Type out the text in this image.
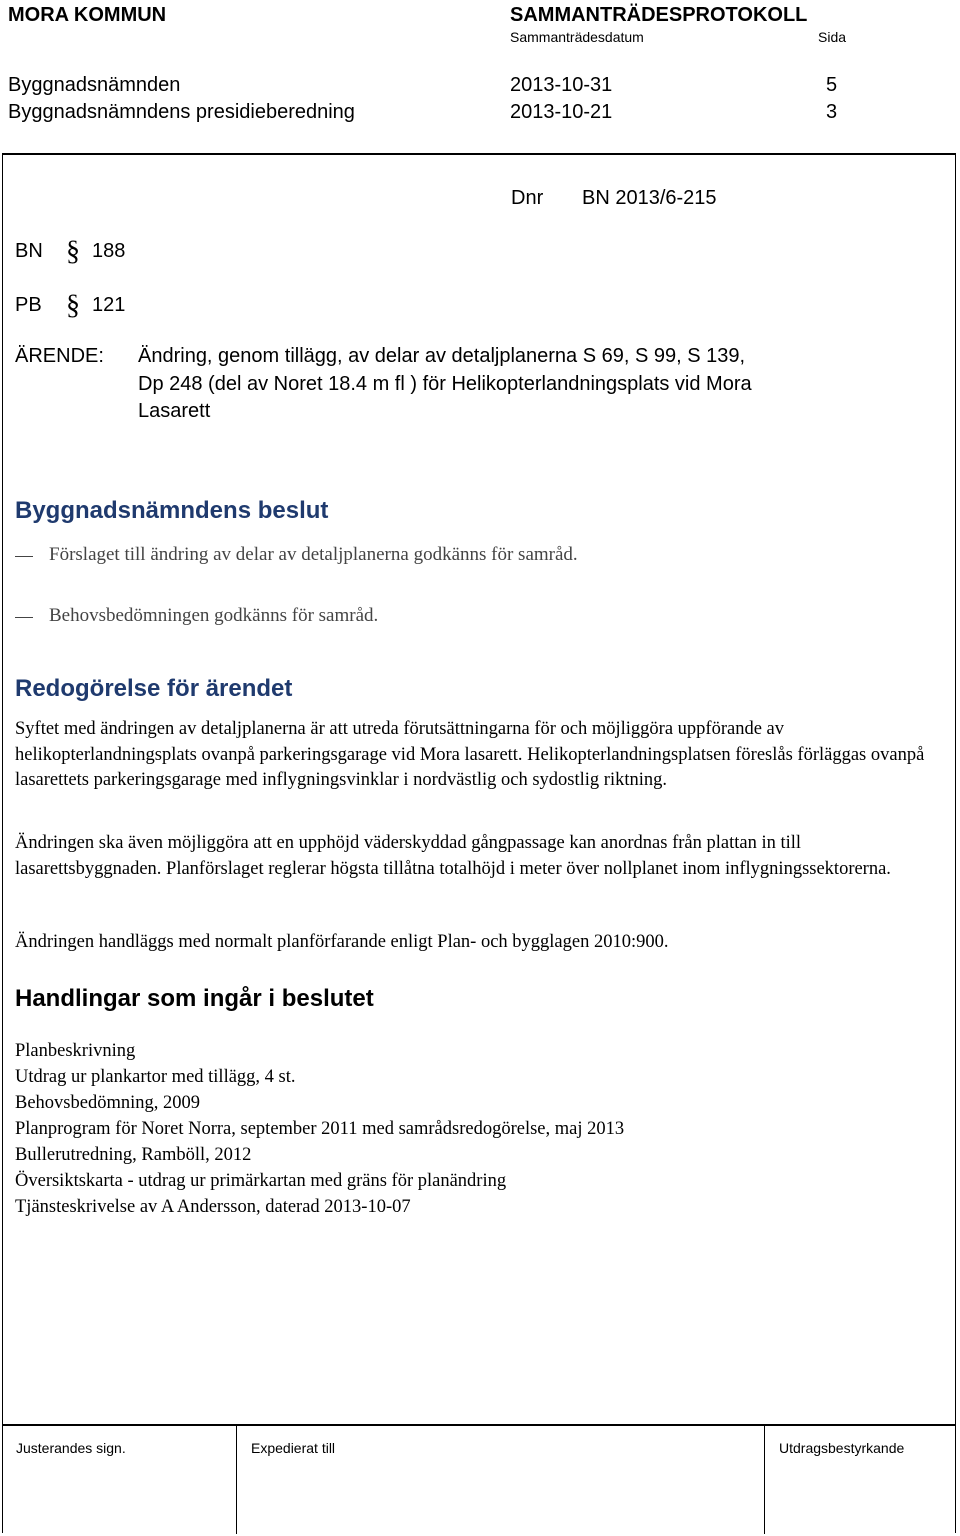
MORA KOMMUN	SAMMANTRÄDESPROTOKOLL
Sammanträdesdatum	Sida
Byggnadsnämnden	2013-10-31	5
Byggnadsnämndens presidieberedning	2013-10-21	3
Dnr BN 2013/6-215
BN § 188
PB § 121
ÄRENDE: Ändring, genom tillägg, av delar av detaljplanerna S 69, S 99, S 139,
Dp 248 (del av Noret 18.4 m fl ) för Helikopterlandningsplats vid Mora
Lasarett
Byggnadsnämndens beslut
Förslaget till ändring av delar av detaljplanerna godkänns för samråd.
Behovsbedömningen godkänns för samråd.
Redogörelse för ärendet
Syftet med ändringen av detaljplanerna är att utreda förutsättningarna för och möjliggöra uppförande av helikopterlandningsplats ovanpå parkeringsgarage vid Mora lasarett. Helikopterlandningsplatsen föreslås förläggas ovanpå lasarettets parkeringsgarage med inflygningsvinklar i nordvästlig och sydostlig riktning.
Ändringen ska även möjliggöra att en upphöjd väderskyddad gångpassage kan anordnas från plattan in till lasarettsbyggnaden. Planförslaget reglerar högsta tillåtna totalhöjd i meter över nollplanet inom inflygningssektorerna.
Ändringen handläggs med normalt planförfarande enligt Plan- och bygglagen 2010:900.
Handlingar som ingår i beslutet
Planbeskrivning
Utdrag ur plankartor med tillägg, 4 st.
Behovsbedömning, 2009
Planprogram för Noret Norra, september 2011 med samrådsredogörelse, maj 2013
Bullerutredning, Ramböll, 2012
Översiktskarta - utdrag ur primärkartan med gräns för planändring
Tjänsteskrivelse av A Andersson, daterad 2013-10-07
Justerandes sign.	Expedierat till	Utdragsbestyrkande
